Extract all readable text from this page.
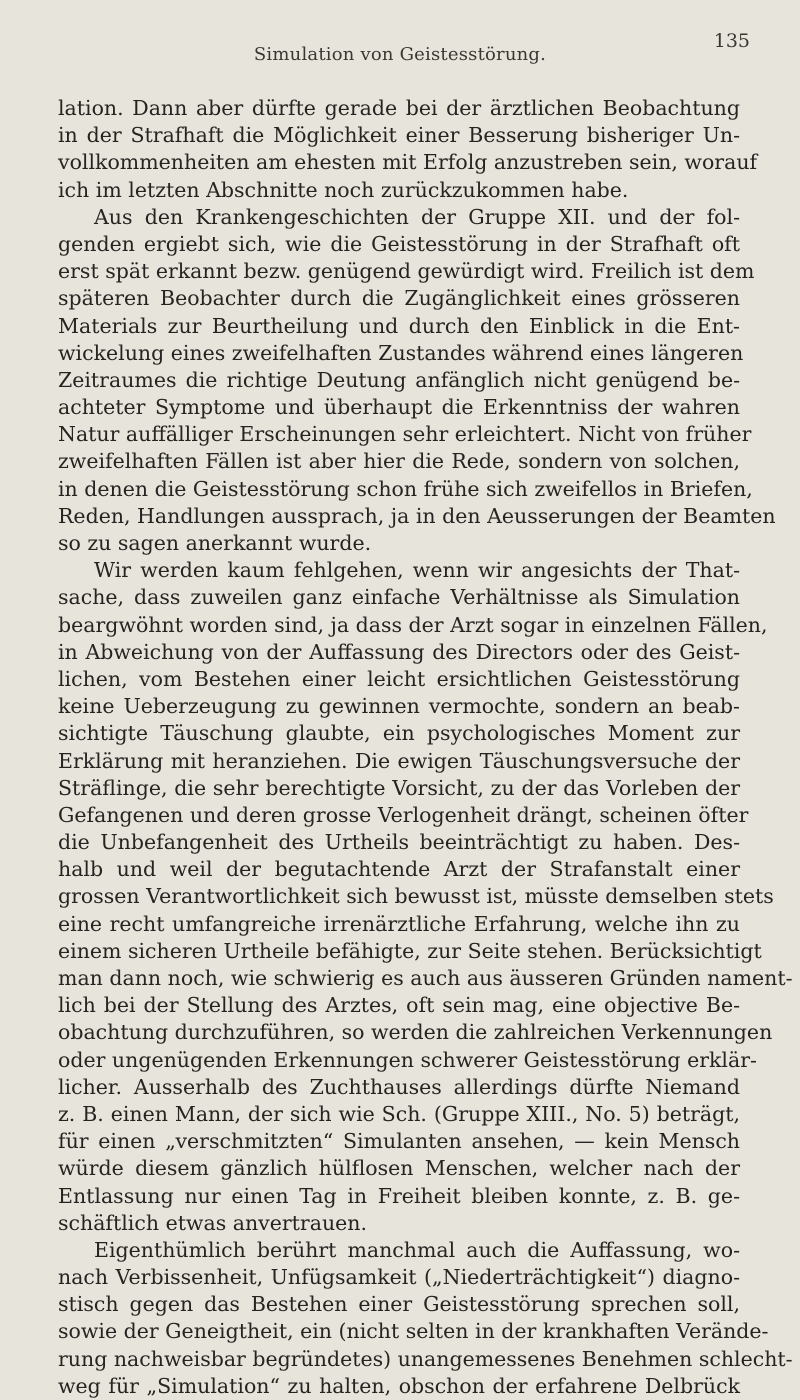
Simulation von Geistesstörung.
135
lation. Dann aber dürfte gerade bei der ärztlichen Beobachtung
in der Strafhaft die Möglichkeit einer Besserung bisheriger Un-
vollkommenheiten am ehesten mit Erfolg anzustreben sein, worauf
ich im letzten Abschnitte noch zurückzukommen habe.
Aus den Krankengeschichten der Gruppe XII. und der fol-
genden ergiebt sich, wie die Geistesstörung in der Strafhaft oft
erst spät erkannt bezw. genügend gewürdigt wird. Freilich ist dem
späteren Beobachter durch die Zugänglichkeit eines grösseren
Materials zur Beurtheilung und durch den Einblick in die Ent-
wickelung eines zweifelhaften Zustandes während eines längeren
Zeitraumes die richtige Deutung anfänglich nicht genügend be-
achteter Symptome und überhaupt die Erkenntniss der wahren
Natur auffälliger Erscheinungen sehr erleichtert. Nicht von früher
zweifelhaften Fällen ist aber hier die Rede, sondern von solchen,
in denen die Geistesstörung schon frühe sich zweifellos in Briefen,
Reden, Handlungen aussprach, ja in den Aeusserungen der Beamten
so zu sagen anerkannt wurde.
Wir werden kaum fehlgehen, wenn wir angesichts der That-
sache, dass zuweilen ganz einfache Verhältnisse als Simulation
beargwöhnt worden sind, ja dass der Arzt sogar in einzelnen Fällen,
in Abweichung von der Auffassung des Directors oder des Geist-
lichen, vom Bestehen einer leicht ersichtlichen Geistesstörung
keine Ueberzeugung zu gewinnen vermochte, sondern an beab-
sichtigte Täuschung glaubte, ein psychologisches Moment zur
Erklärung mit heranziehen. Die ewigen Täuschungsversuche der
Sträflinge, die sehr berechtigte Vorsicht, zu der das Vorleben der
Gefangenen und deren grosse Verlogenheit drängt, scheinen öfter
die Unbefangenheit des Urtheils beeinträchtigt zu haben. Des-
halb und weil der begutachtende Arzt der Strafanstalt einer
grossen Verantwortlichkeit sich bewusst ist, müsste demselben stets
eine recht umfangreiche irrenärztliche Erfahrung, welche ihn zu
einem sicheren Urtheile befähigte, zur Seite stehen. Berücksichtigt
man dann noch, wie schwierig es auch aus äusseren Gründen nament-
lich bei der Stellung des Arztes, oft sein mag, eine objective Be-
obachtung durchzuführen, so werden die zahlreichen Verkennungen
oder ungenügenden Erkennungen schwerer Geistesstörung erklär-
licher. Ausserhalb des Zuchthauses allerdings dürfte Niemand
z. B. einen Mann, der sich wie Sch. (Gruppe XIII., No. 5) beträgt,
für einen „verschmitzten“ Simulanten ansehen, — kein Mensch
würde diesem gänzlich hülflosen Menschen, welcher nach der
Entlassung nur einen Tag in Freiheit bleiben konnte, z. B. ge-
schäftlich etwas anvertrauen.
Eigenthümlich berührt manchmal auch die Auffassung, wo-
nach Verbissenheit, Unfügsamkeit („Niederträchtigkeit“) diagno-
stisch gegen das Bestehen einer Geistesstörung sprechen soll,
sowie der Geneigtheit, ein (nicht selten in der krankhaften Verände-
rung nachweisbar begründetes) unangemessenes Benehmen schlecht-
weg für „Simulation“ zu halten, obschon der erfahrene Delbrück
